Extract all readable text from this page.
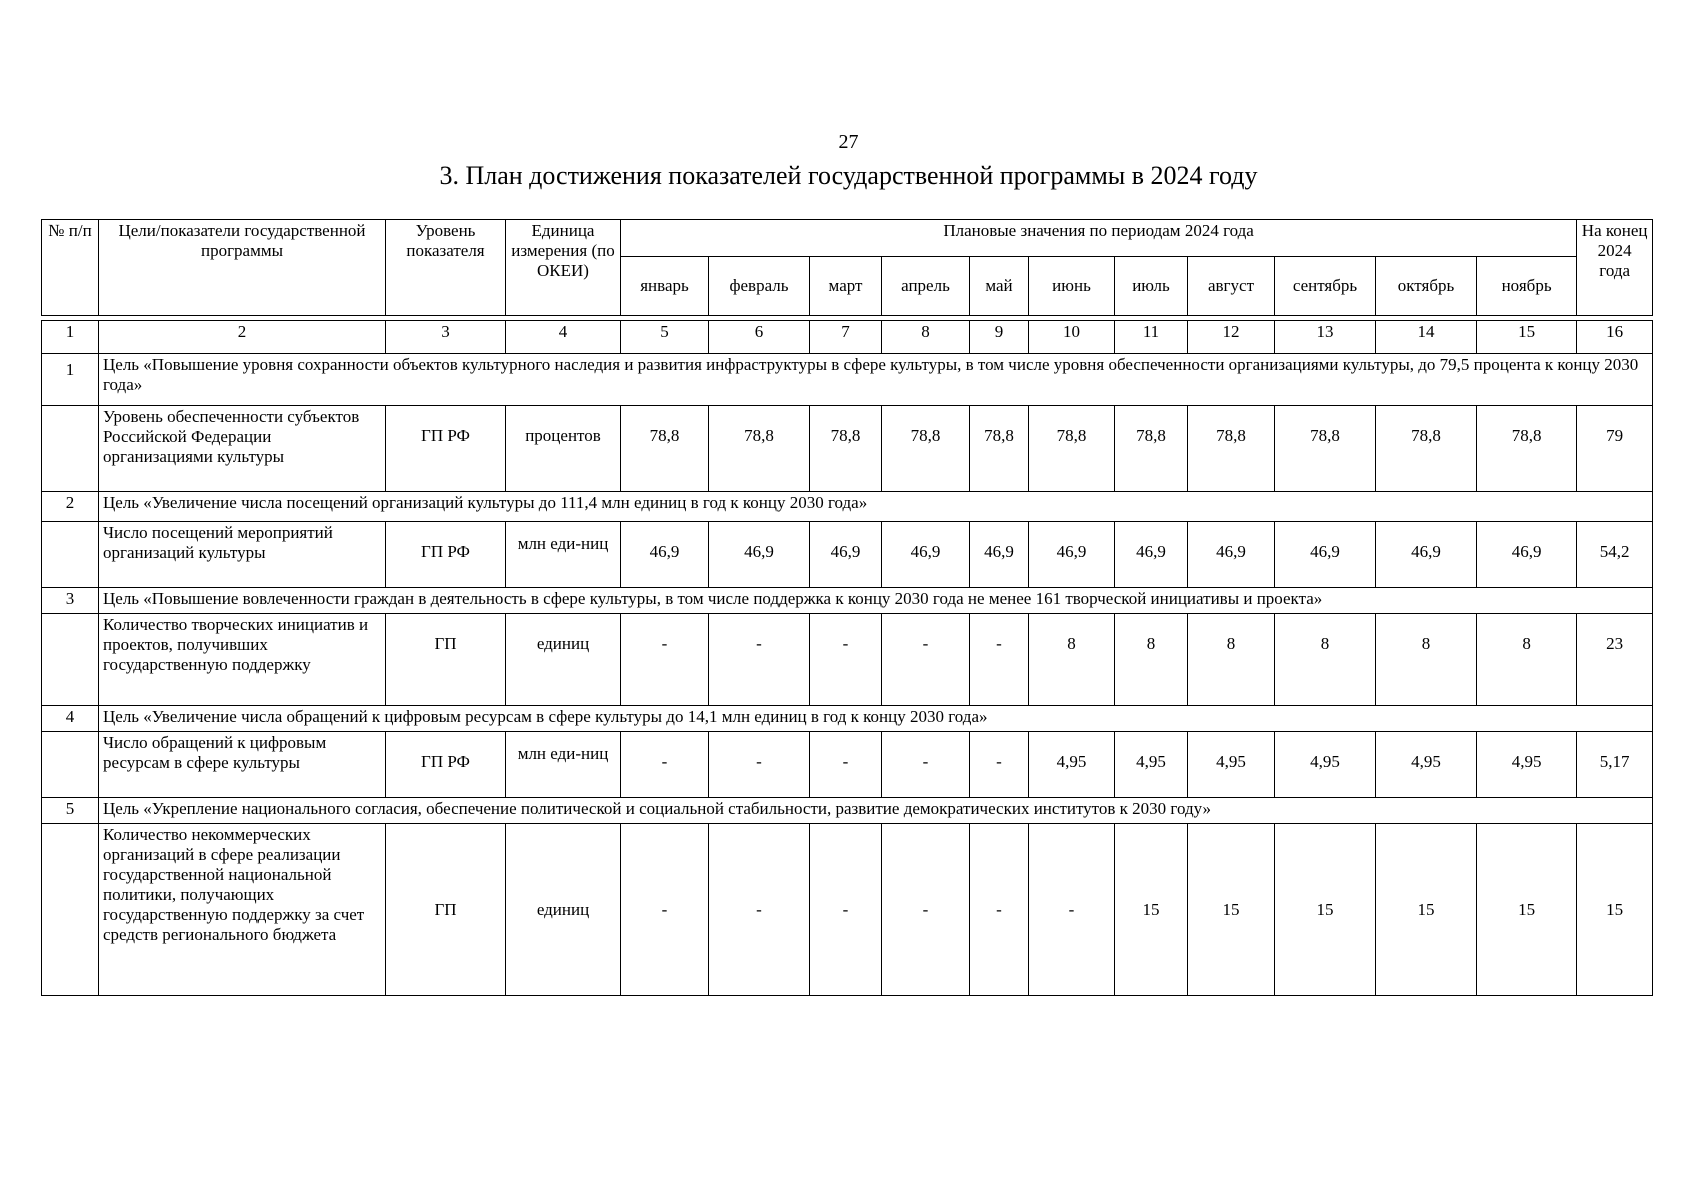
27
3. План достижения показателей государственной программы в 2024 году
№ п/п	Цели/показатели государственной программы	Уровень показателя	Единица измерения (по ОКЕИ)	Плановые значения по периодам 2024 года											На конец 2024 года
				январь	февраль	март	апрель	май	июнь	июль	август	сентябрь	октябрь	ноябрь	

1	2	3	4	5	6	7	8	9	10	11	12	13	14	15	16
1	Цель «Повышение уровня сохранности объектов культурного наследия и развития инфраструктуры в сфере культуры, в том числе уровня обеспеченности организациями культуры, до 79,5 процента к концу 2030 года»														
	Уровень обеспеченности субъектов Российской Федерации организациями культуры	ГП РФ	процентов	78,8	78,8	78,8	78,8	78,8	78,8	78,8	78,8	78,8	78,8	78,8	79
2	Цель «Увеличение числа посещений организаций культуры до 111,4 млн единиц в год к концу 2030 года»														
	Число посещений мероприятий организаций культуры	ГП РФ	млн еди-ниц	46,9	46,9	46,9	46,9	46,9	46,9	46,9	46,9	46,9	46,9	46,9	54,2
3	Цель «Повышение вовлеченности граждан в деятельность в сфере культуры, в том числе поддержка к концу 2030 года не менее 161 творческой инициативы и проекта»														
	Количество творческих инициатив и проектов, получивших государственную поддержку	ГП	единиц	-	-	-	-	-	8	8	8	8	8	8	23
4	Цель «Увеличение числа обращений к цифровым ресурсам в сфере культуры до 14,1 млн единиц в год к концу 2030 года»														
	Число обращений к цифровым ресурсам в сфере культуры	ГП РФ	млн еди-ниц	-	-	-	-	-	4,95	4,95	4,95	4,95	4,95	4,95	5,17
5	Цель «Укрепление национального согласия, обеспечение политической и социальной стабильности, развитие демократических институтов к 2030 году»														
	Количество некоммерческих организаций в сфере реализации государственной национальной политики, получающих государственную поддержку за счет средств регионального бюджета	ГП	единиц	-	-	-	-	-	-	15	15	15	15	15	15
